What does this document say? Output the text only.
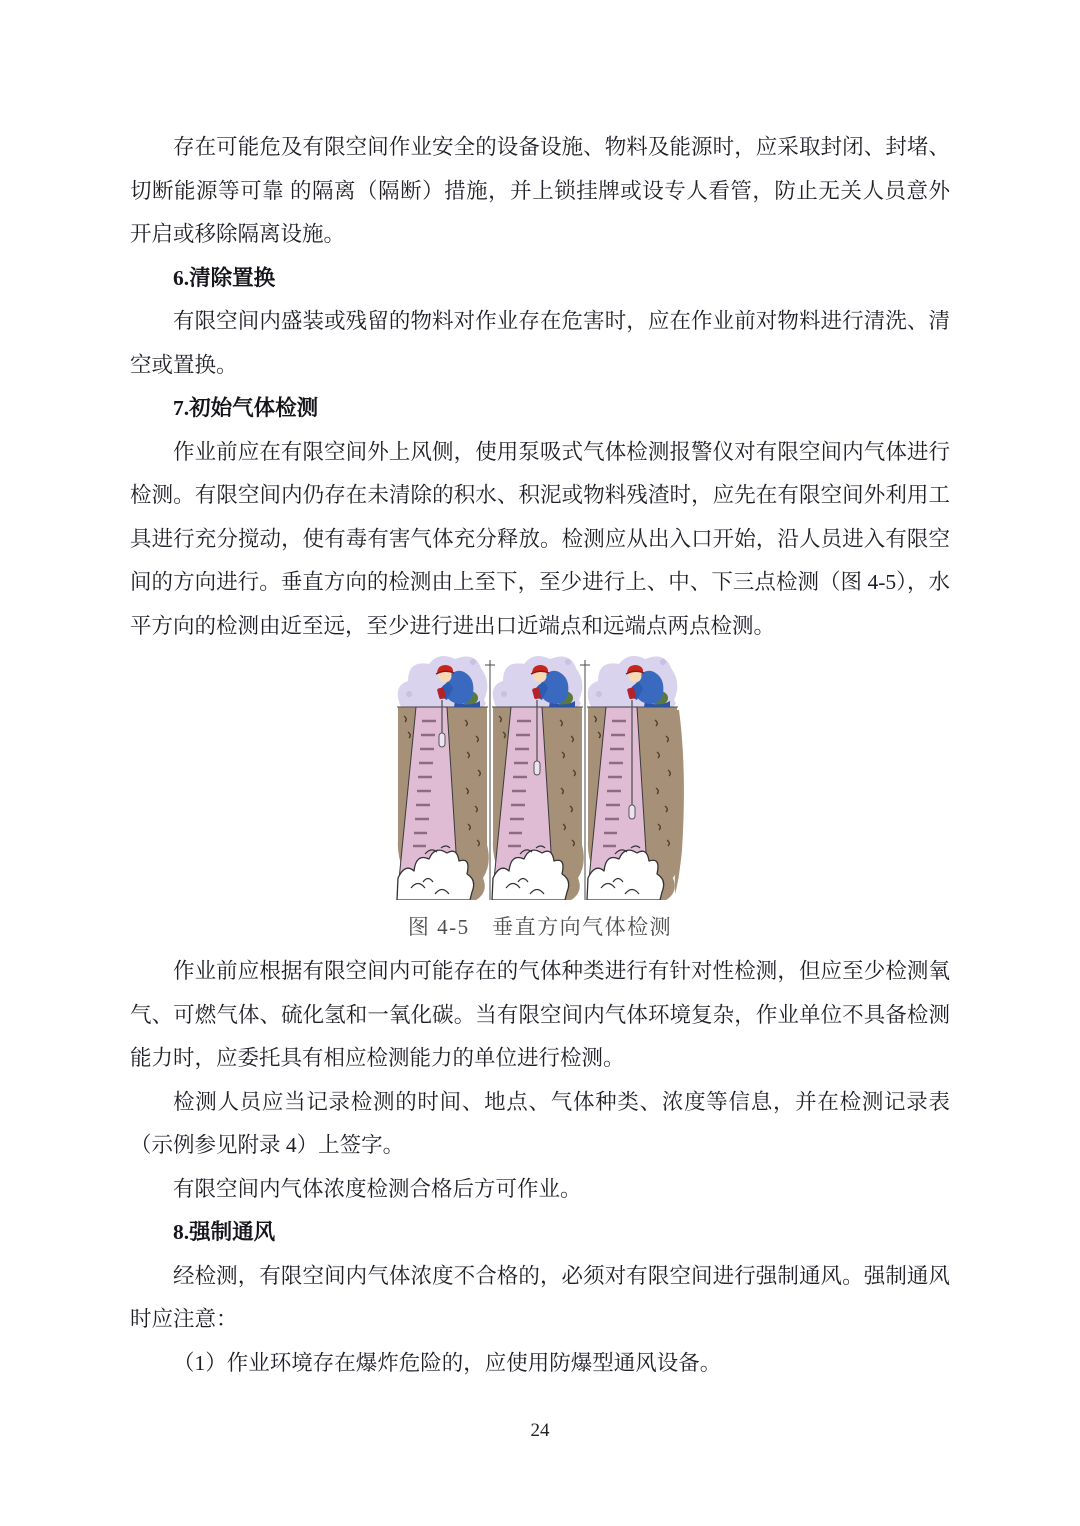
存在可能危及有限空间作业安全的设备设施、物料及能源时，应采取封闭、封堵、切断能源等可靠 的隔离（隔断）措施，并上锁挂牌或设专人看管，防止无关人员意外开启或移除隔离设施。

6.清除置换

有限空间内盛装或残留的物料对作业存在危害时，应在作业前对物料进行清洗、清空或置换。

7.初始气体检测

作业前应在有限空间外上风侧，使用泵吸式气体检测报警仪对有限空间内气体进行检测。有限空间内仍存在未清除的积水、积泥或物料残渣时，应先在有限空间外利用工具进行充分搅动，使有毒有害气体充分释放。检测应从出入口开始，沿人员进入有限空间的方向进行。垂直方向的检测由上至下，至少进行上、中、下三点检测（图 4-5），水平方向的检测由近至远，至少进行进出口近端点和远端点两点检测。

图 4-5　垂直方向气体检测

作业前应根据有限空间内可能存在的气体种类进行有针对性检测，但应至少检测氧气、可燃气体、硫化氢和一氧化碳。当有限空间内气体环境复杂，作业单位不具备检测能力时，应委托具有相应检测能力的单位进行检测。

检测人员应当记录检测的时间、地点、气体种类、浓度等信息，并在检测记录表（示例参见附录 4）上签字。

有限空间内气体浓度检测合格后方可作业。

8.强制通风

经检测，有限空间内气体浓度不合格的，必须对有限空间进行强制通风。强制通风时应注意：

（1）作业环境存在爆炸危险的，应使用防爆型通风设备。

24
